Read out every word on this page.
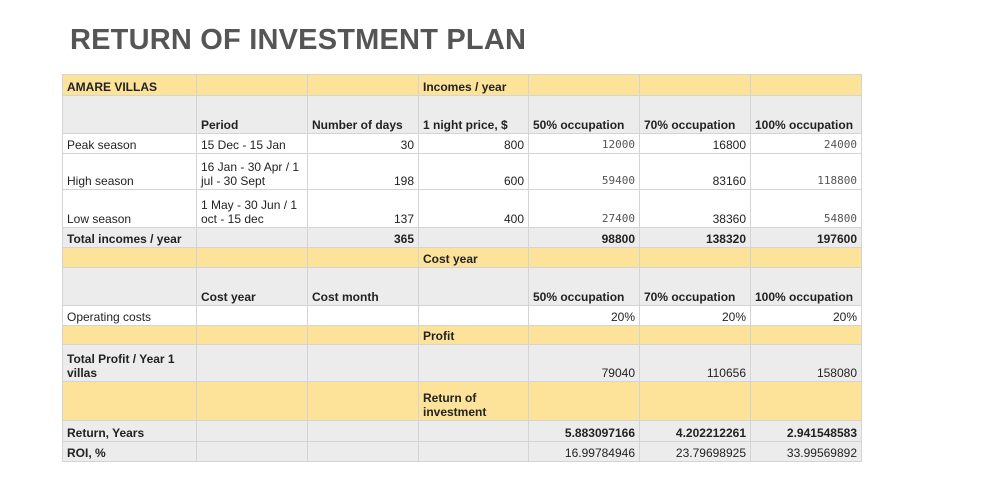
RETURN OF INVESTMENT PLAN
AMARE VILLAS			Incomes / year			
	Period	Number of days	1 night price, $	50% occupation	70% occupation	100% occupation
Peak season	15 Dec - 15 Jan	30	800	12000	16800	24000
High season	16 Jan - 30 Apr / 1 jul - 30 Sept	198	600	59400	83160	118800
Low season	1 May - 30 Jun / 1 oct - 15 dec	137	400	27400	38360	54800
Total incomes / year		365		98800	138320	197600
			Cost year			
	Cost year	Cost month		50% occupation	70% occupation	100% occupation
Operating costs				20%	20%	20%
			Profit			
Total Profit / Year 1 villas				79040	110656	158080
			Return of investment			
Return, Years				5.883097166	4.202212261	2.941548583
ROI, %				16.99784946	23.79698925	33.99569892
